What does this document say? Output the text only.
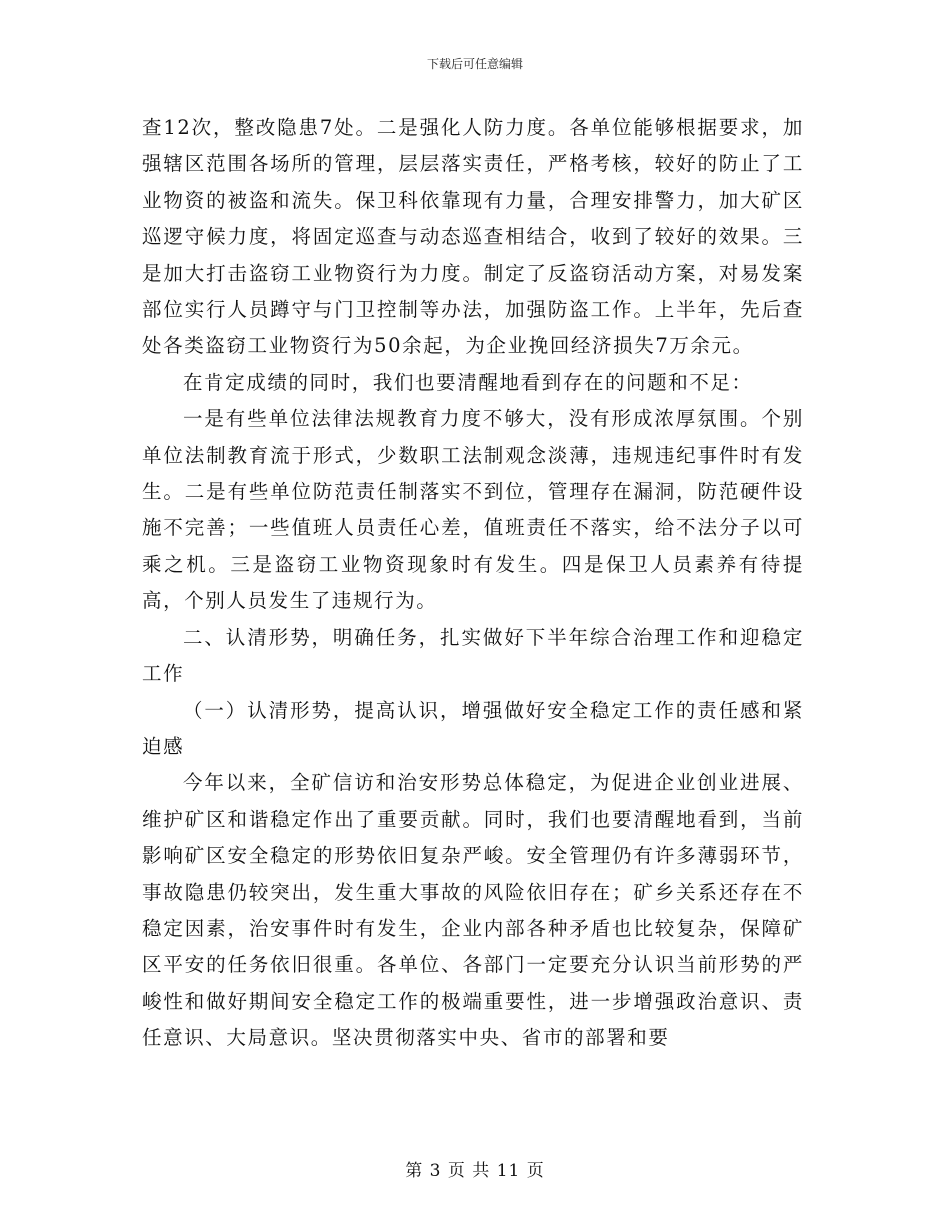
下载后可任意编辑

查12次，整改隐患7处。二是强化人防力度。各单位能够根据要求，加强辖区范围各场所的管理，层层落实责任，严格考核，较好的防止了工业物资的被盗和流失。保卫科依靠现有力量，合理安排警力，加大矿区巡逻守候力度，将固定巡查与动态巡查相结合，收到了较好的效果。三是加大打击盗窃工业物资行为力度。制定了反盗窃活动方案，对易发案部位实行人员蹲守与门卫控制等办法，加强防盗工作。上半年，先后查处各类盗窃工业物资行为50余起，为企业挽回经济损失7万余元。

在肯定成绩的同时，我们也要清醒地看到存在的问题和不足：

一是有些单位法律法规教育力度不够大，没有形成浓厚氛围。个别单位法制教育流于形式，少数职工法制观念淡薄，违规违纪事件时有发生。二是有些单位防范责任制落实不到位，管理存在漏洞，防范硬件设施不完善；一些值班人员责任心差，值班责任不落实，给不法分子以可乘之机。三是盗窃工业物资现象时有发生。四是保卫人员素养有待提高，个别人员发生了违规行为。

二、认清形势，明确任务，扎实做好下半年综合治理工作和迎稳定工作

（一）认清形势，提高认识，增强做好安全稳定工作的责任感和紧迫感

今年以来，全矿信访和治安形势总体稳定，为促进企业创业进展、维护矿区和谐稳定作出了重要贡献。同时，我们也要清醒地看到，当前影响矿区安全稳定的形势依旧复杂严峻。安全管理仍有许多薄弱环节，事故隐患仍较突出，发生重大事故的风险依旧存在；矿乡关系还存在不稳定因素，治安事件时有发生，企业内部各种矛盾也比较复杂，保障矿区平安的任务依旧很重。各单位、各部门一定要充分认识当前形势的严峻性和做好期间安全稳定工作的极端重要性，进一步增强政治意识、责任意识、大局意识。坚决贯彻落实中央、省市的部署和要

第 3 页 共 11 页
